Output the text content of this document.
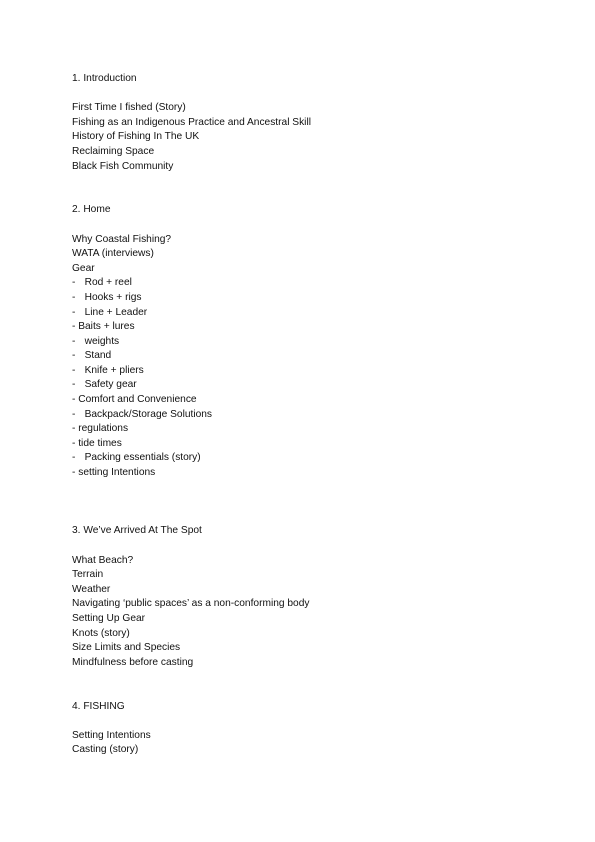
1. Introduction
First Time I fished (Story)
Fishing as an Indigenous Practice and Ancestral Skill
History of Fishing In The UK
Reclaiming Space
Black Fish Community
2. Home
Why Coastal Fishing?
WATA (interviews)
Gear
- Rod + reel
- Hooks + rigs
- Line + Leader
- Baits + lures
- weights
- Stand
- Knife + pliers
- Safety gear
- Comfort and Convenience
- Backpack/Storage Solutions
- regulations
- tide times
- Packing essentials (story)
- setting Intentions
3. We’ve Arrived At The Spot
What Beach?
Terrain
Weather
Navigating ‘public spaces’ as a non-conforming body
Setting Up Gear
Knots (story)
Size Limits and Species
Mindfulness before casting
4. FISHING
Setting Intentions
Casting (story)
